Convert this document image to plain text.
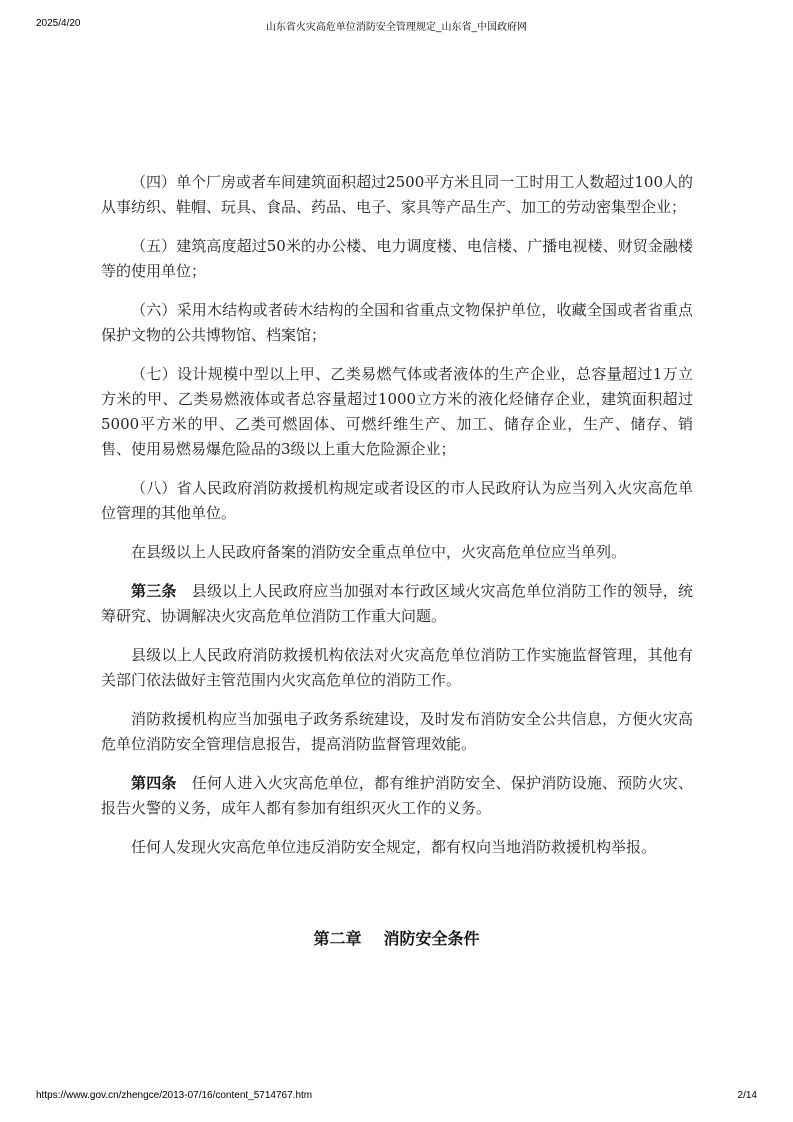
2025/4/20	山东省火灾高危单位消防安全管理规定_山东省_中国政府网

（四）单个厂房或者车间建筑面积超过2500平方米且同一工时用工人数超过100人的从事纺织、鞋帽、玩具、食品、药品、电子、家具等产品生产、加工的劳动密集型企业；

（五）建筑高度超过50米的办公楼、电力调度楼、电信楼、广播电视楼、财贸金融楼等的使用单位；

（六）采用木结构或者砖木结构的全国和省重点文物保护单位，收藏全国或者省重点保护文物的公共博物馆、档案馆；

（七）设计规模中型以上甲、乙类易燃气体或者液体的生产企业，总容量超过1万立方米的甲、乙类易燃液体或者总容量超过1000立方米的液化烃储存企业，建筑面积超过5000平方米的甲、乙类可燃固体、可燃纤维生产、加工、储存企业，生产、储存、销售、使用易燃易爆危险品的3级以上重大危险源企业；

（八）省人民政府消防救援机构规定或者设区的市人民政府认为应当列入火灾高危单位管理的其他单位。

在县级以上人民政府备案的消防安全重点单位中，火灾高危单位应当单列。

第三条　县级以上人民政府应当加强对本行政区域火灾高危单位消防工作的领导，统筹研究、协调解决火灾高危单位消防工作重大问题。

县级以上人民政府消防救援机构依法对火灾高危单位消防工作实施监督管理，其他有关部门依法做好主管范围内火灾高危单位的消防工作。

消防救援机构应当加强电子政务系统建设，及时发布消防安全公共信息，方便火灾高危单位消防安全管理信息报告，提高消防监督管理效能。

第四条　任何人进入火灾高危单位，都有维护消防安全、保护消防设施、预防火灾、报告火警的义务，成年人都有参加有组织灭火工作的义务。

任何人发现火灾高危单位违反消防安全规定，都有权向当地消防救援机构举报。

第二章 消防安全条件
https://www.gov.cn/zhengce/2013-07/16/content_5714767.htm	2/14
